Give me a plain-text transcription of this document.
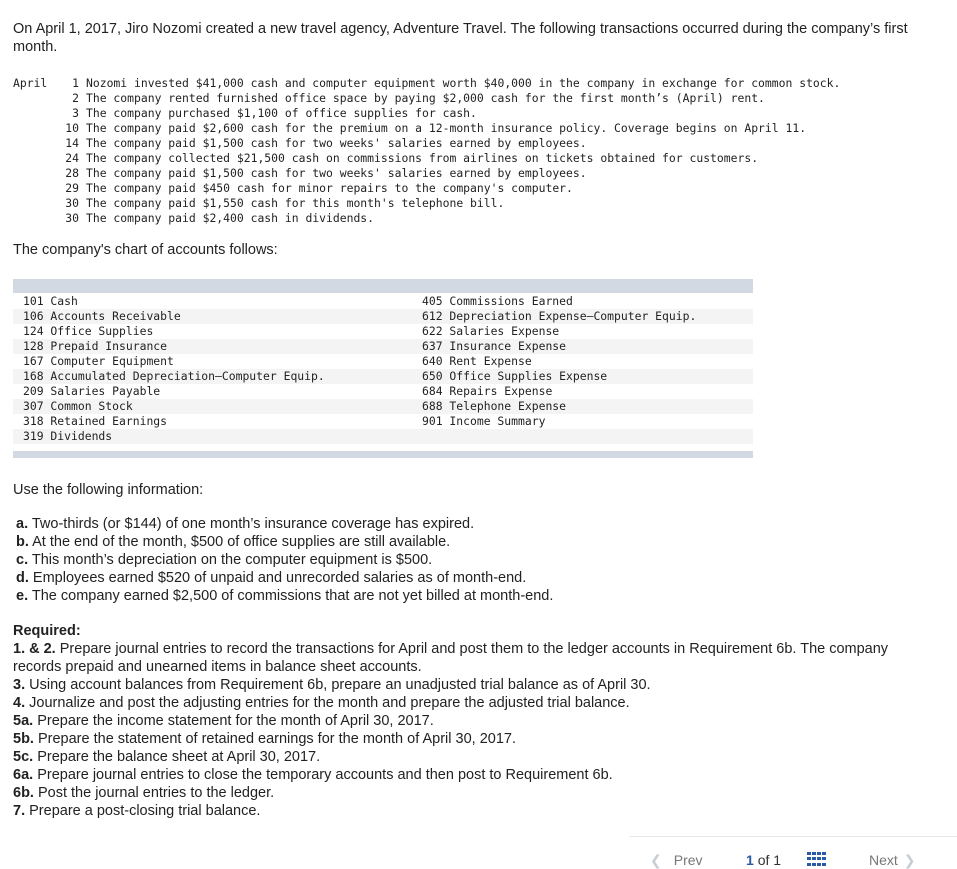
On April 1, 2017, Jiro Nozomi created a new travel agency, Adventure Travel. The following transactions occurred during the company’s first month.
April	1 Nozomi invested $41,000 cash and computer equipment worth $40,000 in the company in exchange for common stock.
2 The company rented furnished office space by paying $2,000 cash for the first month’s (April) rent.
3 The company purchased $1,100 of office supplies for cash.
10 The company paid $2,600 cash for the premium on a 12-month insurance policy. Coverage begins on April 11.
14 The company paid $1,500 cash for two weeks' salaries earned by employees.
24 The company collected $21,500 cash on commissions from airlines on tickets obtained for customers.
28 The company paid $1,500 cash for two weeks' salaries earned by employees.
29 The company paid $450 cash for minor repairs to the company's computer.
30 The company paid $1,550 cash for this month's telephone bill.
30 The company paid $2,400 cash in dividends.
The company's chart of accounts follows:
101 Cash	405 Commissions Earned
106 Accounts Receivable	612 Depreciation Expense—Computer Equip.
124 Office Supplies	622 Salaries Expense
128 Prepaid Insurance	637 Insurance Expense
167 Computer Equipment	640 Rent Expense
168 Accumulated Depreciation—Computer Equip.	650 Office Supplies Expense
209 Salaries Payable	684 Repairs Expense
307 Common Stock	688 Telephone Expense
318 Retained Earnings	901 Income Summary
319 Dividends
Use the following information:
a. Two-thirds (or $144) of one month’s insurance coverage has expired.
b. At the end of the month, $500 of office supplies are still available.
c. This month’s depreciation on the computer equipment is $500.
d. Employees earned $520 of unpaid and unrecorded salaries as of month-end.
e. The company earned $2,500 of commissions that are not yet billed at month-end.
Required:
1. & 2. Prepare journal entries to record the transactions for April and post them to the ledger accounts in Requirement 6b. The company records prepaid and unearned items in balance sheet accounts.
3. Using account balances from Requirement 6b, prepare an unadjusted trial balance as of April 30.
4. Journalize and post the adjusting entries for the month and prepare the adjusted trial balance.
5a. Prepare the income statement for the month of April 30, 2017.
5b. Prepare the statement of retained earnings for the month of April 30, 2017.
5c. Prepare the balance sheet at April 30, 2017.
6a. Prepare journal entries to close the temporary accounts and then post to Requirement 6b.
6b. Post the journal entries to the ledger.
7. Prepare a post-closing trial balance.
❮ Prev	1 of 1	Next ❯
